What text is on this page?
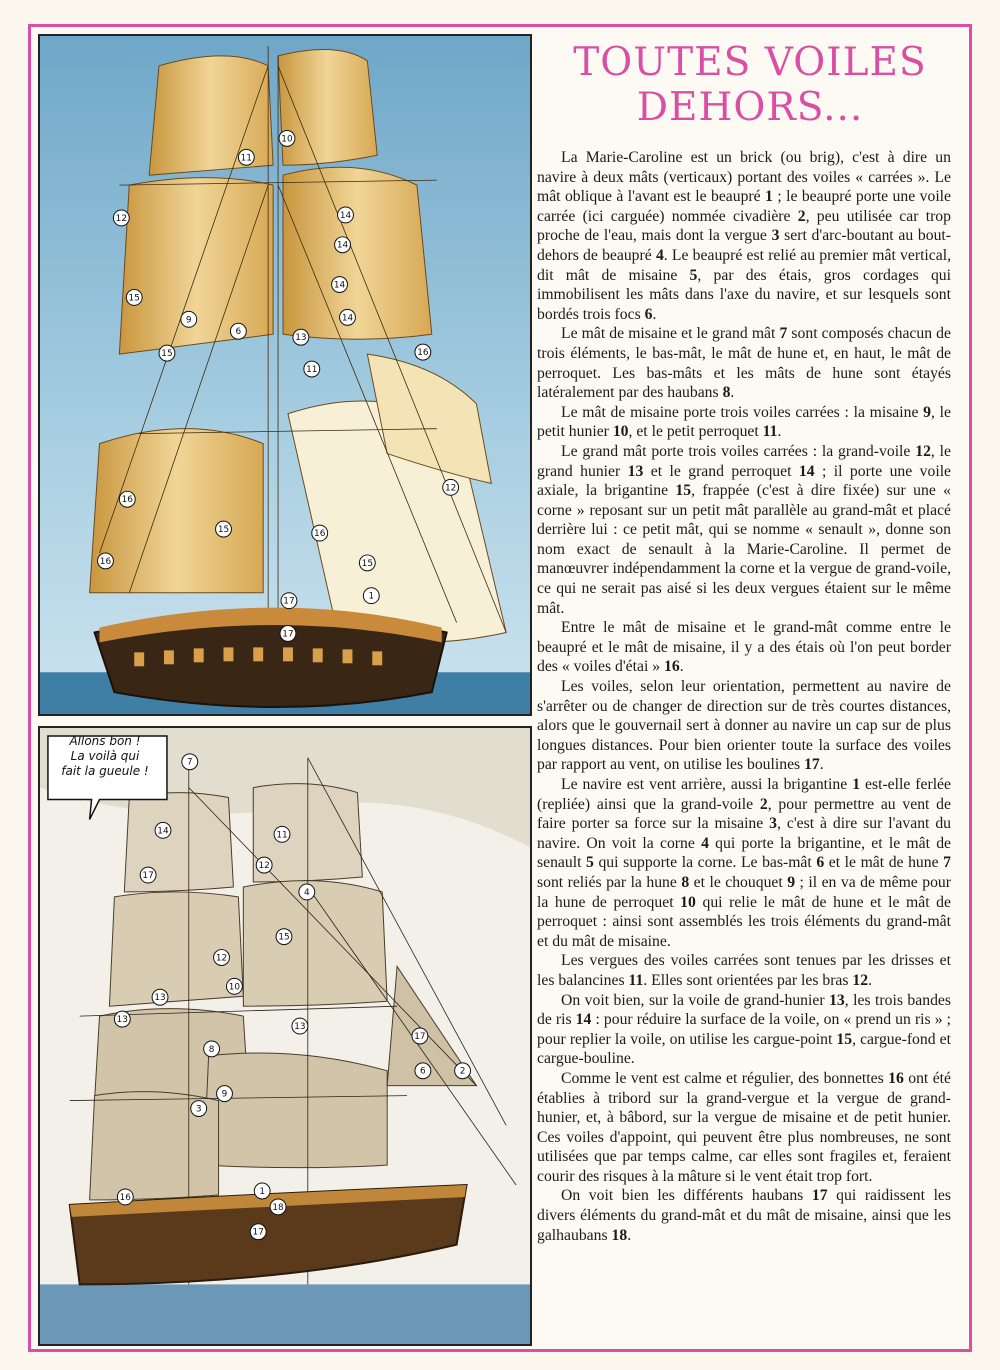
10
11
12	14
14
14
14
15
6
9
13
16
15
16
12
16
16
11
15
17	1
17
15
7
14	11
17
12
4
15
12
10
13
13
13
8
9
17
6	2
16
17
18
1
3
Allons bon !
La voilà qui
fait la gueule !
TOUTES VOILES
DEHORS...

La Marie-Caroline est un brick (ou brig), c'est à dire un navire à deux mâts (verticaux) portant des voiles « carrées ». Le mât oblique à l'avant est le beaupré 1 ; le beaupré porte une voile carrée (ici carguée) nommée civadière 2, peu utilisée car trop proche de l'eau, mais dont la vergue 3 sert d'arc-boutant au bout-dehors de beaupré 4. Le beaupré est relié au premier mât vertical, dit mât de misaine 5, par des étais, gros cordages qui immobilisent les mâts dans l'axe du navire, et sur lesquels sont bordés trois focs 6.

Le mât de misaine et le grand mât 7 sont composés chacun de trois éléments, le bas-mât, le mât de hune et, en haut, le mât de perroquet. Les bas-mâts et les mâts de hune sont étayés latéralement par des haubans 8.

Le mât de misaine porte trois voiles carrées : la misaine 9, le petit hunier 10, et le petit perroquet 11.

Le grand mât porte trois voiles carrées : la grand-voile 12, le grand hunier 13 et le grand perroquet 14 ; il porte une voile axiale, la brigantine 15, frappée (c'est à dire fixée) sur une « corne » reposant sur un petit mât parallèle au grand-mât et placé derrière lui : ce petit mât, qui se nomme « senault », donne son nom exact de senault à la Marie-Caroline. Il permet de manœuvrer indépendamment la corne et la vergue de grand-voile, ce qui ne serait pas aisé si les deux vergues étaient sur le même mât.

Entre le mât de misaine et le grand-mât comme entre le beaupré et le mât de misaine, il y a des étais où l'on peut border des « voiles d'étai » 16.

Les voiles, selon leur orientation, permettent au navire de s'arrêter ou de changer de direction sur de très courtes distances, alors que le gouvernail sert à donner au navire un cap sur de plus longues distances. Pour bien orienter toute la surface des voiles par rapport au vent, on utilise les boulines 17.

Le navire est vent arrière, aussi la brigantine 1 est-elle ferlée (repliée) ainsi que la grand-voile 2, pour permettre au vent de faire porter sa force sur la misaine 3, c'est à dire sur l'avant du navire. On voit la corne 4 qui porte la brigantine, et le mât de senault 5 qui supporte la corne. Le bas-mât 6 et le mât de hune 7 sont reliés par la hune 8 et le chouquet 9 ; il en va de même pour la hune de perroquet 10 qui relie le mât de hune et le mât de perroquet : ainsi sont assemblés les trois éléments du grand-mât et du mât de misaine.

Les vergues des voiles carrées sont tenues par les drisses et les balancines 11. Elles sont orientées par les bras 12.

On voit bien, sur la voile de grand-hunier 13, les trois bandes de ris 14 : pour réduire la surface de la voile, on « prend un ris » ; pour replier la voile, on utilise les cargue-point 15, cargue-fond et cargue-bouline.

Comme le vent est calme et régulier, des bonnettes 16 ont été établies à tribord sur la grand-vergue et la vergue de grand-hunier, et, à bâbord, sur la vergue de misaine et de petit hunier. Ces voiles d'appoint, qui peuvent être plus nombreuses, ne sont utilisées que par temps calme, car elles sont fragiles et, feraient courir des risques à la mâture si le vent était trop fort.

On voit bien les différents haubans 17 qui raidissent les divers éléments du grand-mât et du mât de misaine, ainsi que les galhaubans 18.
